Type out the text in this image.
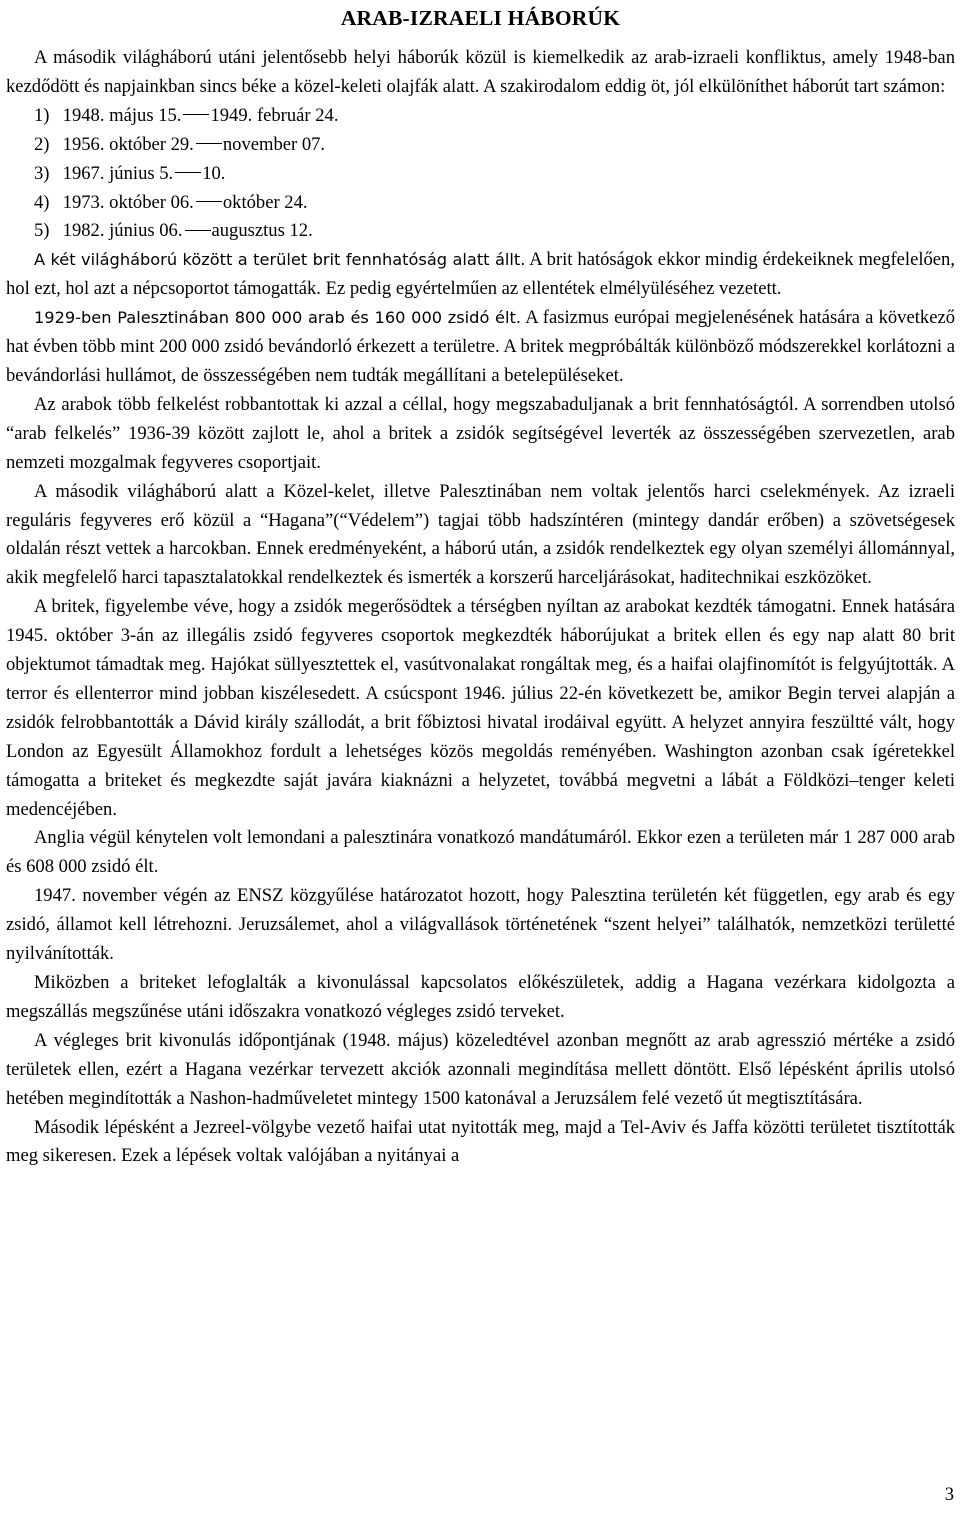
ARAB-IZRAELI HÁBORÚK

A második világháború utáni jelentősebb helyi háborúk közül is kiemelkedik az arab-izraeli konfliktus, amely 1948-ban kezdődött és napjainkban sincs béke a közel-keleti olajfák alatt. A szakirodalom eddig öt, jól elkülöníthet háborút tart számon:

1) 1948. május 15. 1949. február 24.
2) 1956. október 29. november 07.
3) 1967. június 5. 10.
4) 1973. október 06. október 24.
5) 1982. június 06. augusztus 12.

A két világháború között a terület brit fennhatóság alatt állt. A brit hatóságok ekkor mindig érdekeiknek megfelelően, hol ezt, hol azt a népcsoportot támogatták. Ez pedig egyértelműen az ellentétek elmélyüléséhez vezetett.

1929-ben Palesztinában 800 000 arab és 160 000 zsidó élt. A fasizmus európai megjelenésének hatására a következő hat évben több mint 200 000 zsidó bevándorló érkezett a területre. A britek megpróbálták különböző módszerekkel korlátozni a bevándorlási hullámot, de összességében nem tudták megállítani a betelepüléseket.

Az arabok több felkelést robbantottak ki azzal a céllal, hogy megszabaduljanak a brit fennhatóságtól. A sorrendben utolsó “arab felkelés” 1936-39 között zajlott le, ahol a britek a zsidók segítségével leverték az összességében szervezetlen, arab nemzeti mozgalmak fegyveres csoportjait.

A második világháború alatt a Közel-kelet, illetve Palesztinában nem voltak jelentős harci cselekmények. Az izraeli reguláris fegyveres erő közül a “Hagana”(“Védelem”) tagjai több hadszíntéren (mintegy dandár erőben) a szövetségesek oldalán részt vettek a harcokban. Ennek eredményeként, a háború után, a zsidók rendelkeztek egy olyan személyi állománnyal, akik megfelelő harci tapasztalatokkal rendelkeztek és ismerték a korszerű harceljárásokat, haditechnikai eszközöket.

A britek, figyelembe véve, hogy a zsidók megerősödtek a térségben nyíltan az arabokat kezdték támogatni. Ennek hatására 1945. október 3-án az illegális zsidó fegyveres csoportok megkezdték háborújukat a britek ellen és egy nap alatt 80 brit objektumot támadtak meg. Hajókat süllyesztettek el, vasútvonalakat rongáltak meg, és a haifai olajfinomítót is felgyújtották. A terror és ellenterror mind jobban kiszélesedett. A csúcspont 1946. július 22-én következett be, amikor Begin tervei alapján a zsidók felrobbantották a Dávid király szállodát, a brit főbiztosi hivatal irodáival együtt. A helyzet annyira feszültté vált, hogy London az Egyesült Államokhoz fordult a lehetséges közös megoldás reményében. Washington azonban csak ígéretekkel támogatta a briteket és megkezdte saját javára kiaknázni a helyzetet, továbbá megvetni a lábát a Földközi–tenger keleti medencéjében.

Anglia végül kénytelen volt lemondani a palesztinára vonatkozó mandátumáról. Ekkor ezen a területen már 1 287 000 arab és 608 000 zsidó élt.

1947. november végén az ENSZ közgyűlése határozatot hozott, hogy Palesztina területén két független, egy arab és egy zsidó, államot kell létrehozni. Jeruzsálemet, ahol a világvallások történetének “szent helyei” találhatók, nemzetközi területté nyilvánították.

Miközben a briteket lefoglalták a kivonulással kapcsolatos előkészületek, addig a Hagana vezérkara kidolgozta a megszállás megszűnése utáni időszakra vonatkozó végleges zsidó terveket.

A végleges brit kivonulás időpontjának (1948. május) közeledtével azonban megnőtt az arab agresszió mértéke a zsidó területek ellen, ezért a Hagana vezérkar tervezett akciók azonnali megindítása mellett döntött. Első lépésként április utolsó hetében megindították a Nashon-hadműveletet mintegy 1500 katonával a Jeruzsálem felé vezető út megtisztítására.

Második lépésként a Jezreel-völgybe vezető haifai utat nyitották meg, majd a Tel-Aviv és Jaffa közötti területet tisztították meg sikeresen. Ezek a lépések voltak valójában a nyitányai a

3
